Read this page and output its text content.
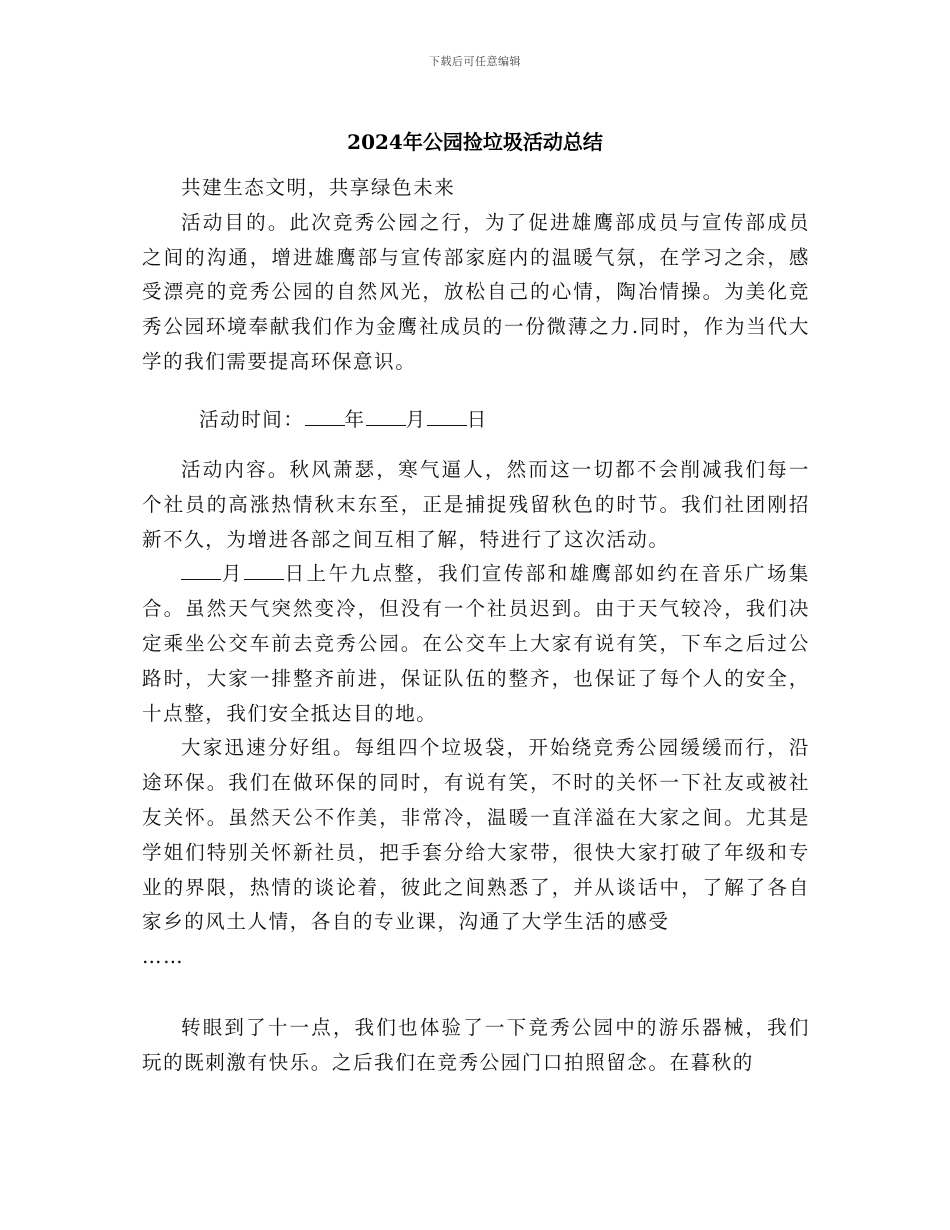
下载后可任意编辑
2024年公园捡垃圾活动总结

共建生态文明，共享绿色未来

活动目的。此次竞秀公园之行，为了促进雄鹰部成员与宣传部成员之间的沟通，增进雄鹰部与宣传部家庭内的温暖气氛，在学习之余，感受漂亮的竞秀公园的自然风光，放松自己的心情，陶冶情操。为美化竞秀公园环境奉献我们作为金鹰社成员的一份微薄之力.同时，作为当代大学的我们需要提高环保意识。

活动时间： 年 月 日

活动内容。秋风萧瑟，寒气逼人，然而这一切都不会削减我们每一个社员的高涨热情秋末东至，正是捕捉残留秋色的时节。我们社团刚招新不久，为增进各部之间互相了解，特进行了这次活动。

月 日上午九点整，我们宣传部和雄鹰部如约在音乐广场集合。虽然天气突然变冷，但没有一个社员迟到。由于天气较冷，我们决定乘坐公交车前去竞秀公园。在公交车上大家有说有笑，下车之后过公路时，大家一排整齐前进，保证队伍的整齐，也保证了每个人的安全，十点整，我们安全抵达目的地。

大家迅速分好组。每组四个垃圾袋，开始绕竞秀公园缓缓而行，沿途环保。我们在做环保的同时，有说有笑，不时的关怀一下社友或被社友关怀。虽然天公不作美，非常冷，温暖一直洋溢在大家之间。尤其是学姐们特别关怀新社员，把手套分给大家带，很快大家打破了年级和专业的界限，热情的谈论着，彼此之间熟悉了，并从谈话中，了解了各自家乡的风土人情，各自的专业课，沟通了大学生活的感受

……

转眼到了十一点，我们也体验了一下竞秀公园中的游乐器械，我们玩的既刺激有快乐。之后我们在竞秀公园门口拍照留念。在暮秋的
